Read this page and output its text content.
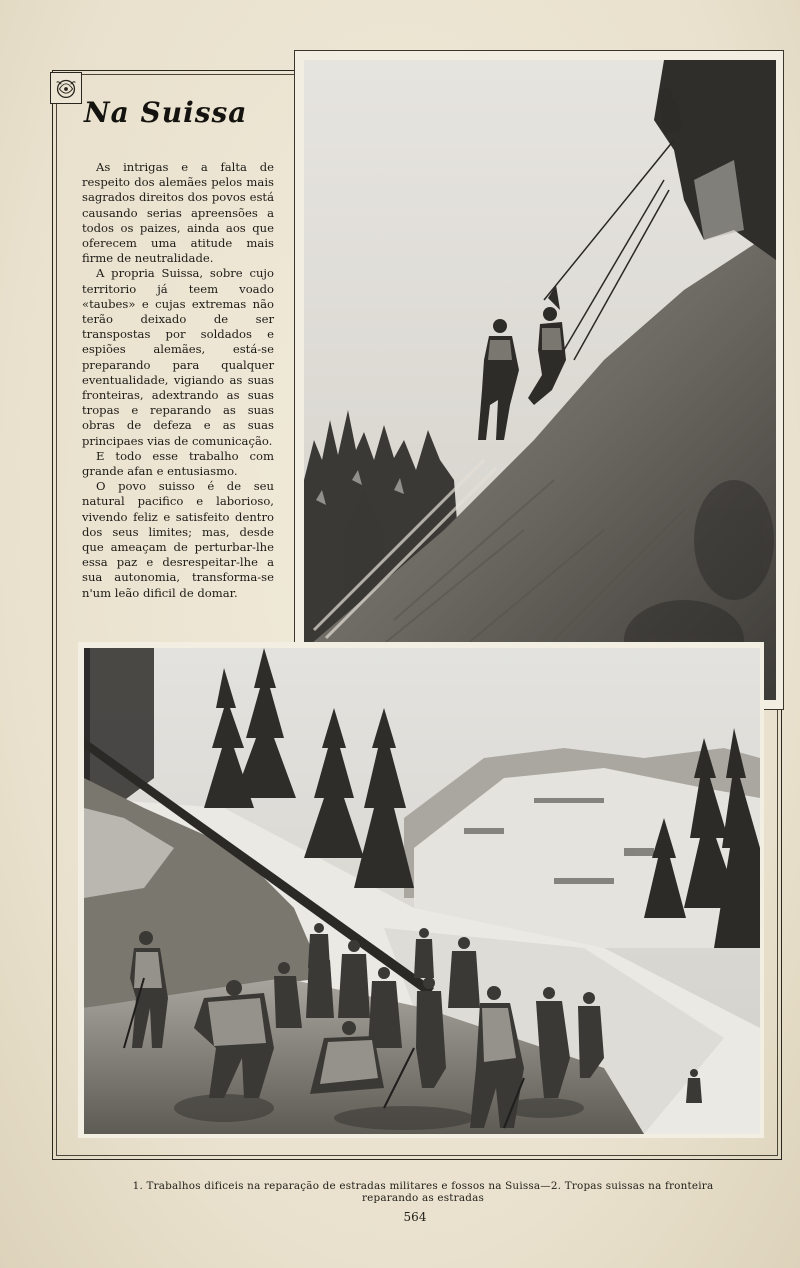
Na Suissa

As intrigas e a falta de respeito dos alemães pelos mais sagrados direitos dos povos está causando serias apreensões a todos os paizes, ainda aos que oferecem uma atitude mais firme de neutralidade.

A propria Suissa, sobre cujo territorio já teem voado «taubes» e cujas extremas não terão deixado de ser transpostas por soldados e espiões alemães, está-se preparando para qualquer eventualidade, vigiando as suas fronteiras, adextrando as suas tropas e reparando as suas obras de defeza e as suas principaes vias de comunicação.

E todo esse trabalho com grande afan e entusiasmo.

O povo suisso é de seu natural pacifico e laborioso, vivendo feliz e satisfeito dentro dos seus limites; mas, desde que ameaçam de perturbar-lhe essa paz e desrespeitar-lhe a sua autonomia, transforma-se n'um leão dificil de domar.

1. Trabalhos dificeis na reparação de estradas militares e fossos na Suissa—2. Tropas suissas na fronteira
reparando as estradas
564
